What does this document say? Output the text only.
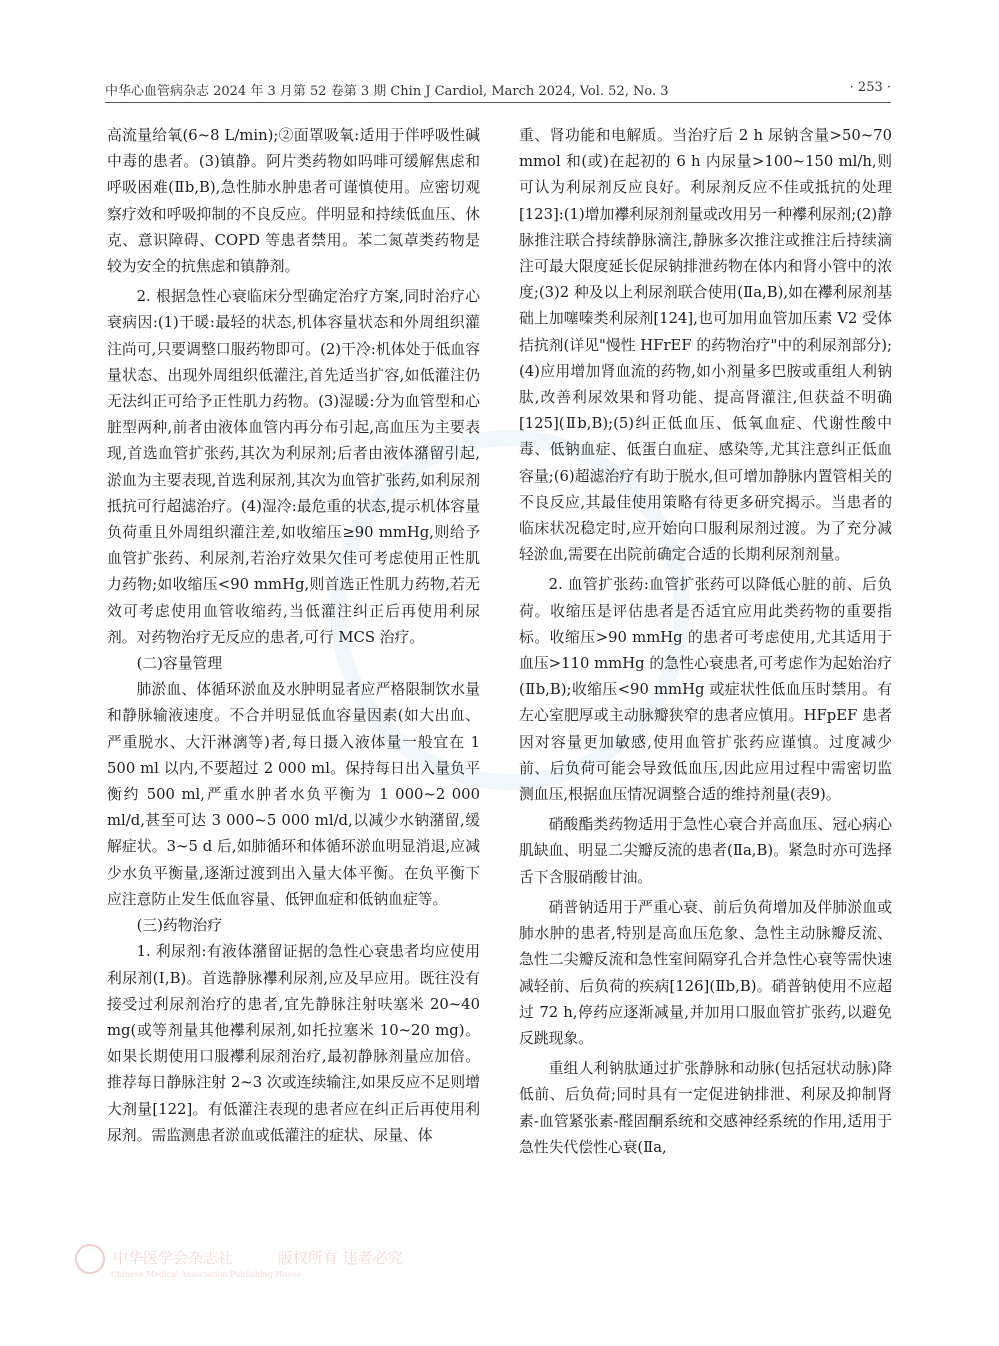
中华心血管病杂志 2024 年 3 月第 52 卷第 3 期 Chin J Cardiol, March 2024, Vol. 52, No. 3	· 253 ·

高流量给氧(6~8 L/min);②面罩吸氧:适用于伴呼吸性碱中毒的患者。(3)镇静。阿片类药物如吗啡可缓解焦虑和呼吸困难(Ⅱb,B),急性肺水肿患者可谨慎使用。应密切观察疗效和呼吸抑制的不良反应。伴明显和持续低血压、休克、意识障碍、COPD 等患者禁用。苯二氮䓬类药物是较为安全的抗焦虑和镇静剂。

2. 根据急性心衰临床分型确定治疗方案,同时治疗心衰病因:(1)干暖:最轻的状态,机体容量状态和外周组织灌注尚可,只要调整口服药物即可。(2)干冷:机体处于低血容量状态、出现外周组织低灌注,首先适当扩容,如低灌注仍无法纠正可给予正性肌力药物。(3)湿暖:分为血管型和心脏型两种,前者由液体血管内再分布引起,高血压为主要表现,首选血管扩张药,其次为利尿剂;后者由液体潴留引起,淤血为主要表现,首选利尿剂,其次为血管扩张药,如利尿剂抵抗可行超滤治疗。(4)湿冷:最危重的状态,提示机体容量负荷重且外周组织灌注差,如收缩压≥90 mmHg,则给予血管扩张药、利尿剂,若治疗效果欠佳可考虑使用正性肌力药物;如收缩压<90 mmHg,则首选正性肌力药物,若无效可考虑使用血管收缩药,当低灌注纠正后再使用利尿剂。对药物治疗无反应的患者,可行 MCS 治疗。

(二)容量管理

肺淤血、体循环淤血及水肿明显者应严格限制饮水量和静脉输液速度。不合并明显低血容量因素(如大出血、严重脱水、大汗淋漓等)者,每日摄入液体量一般宜在 1 500 ml 以内,不要超过 2 000 ml。保持每日出入量负平衡约 500 ml,严重水肿者水负平衡为 1 000~2 000 ml/d,甚至可达 3 000~5 000 ml/d,以减少水钠潴留,缓解症状。3~5 d 后,如肺循环和体循环淤血明显消退,应减少水负平衡量,逐渐过渡到出入量大体平衡。在负平衡下应注意防止发生低血容量、低钾血症和低钠血症等。

(三)药物治疗

1. 利尿剂:有液体潴留证据的急性心衰患者均应使用利尿剂(Ⅰ,B)。首选静脉襻利尿剂,应及早应用。既往没有接受过利尿剂治疗的患者,宜先静脉注射呋塞米 20~40 mg(或等剂量其他襻利尿剂,如托拉塞米 10~20 mg)。如果长期使用口服襻利尿剂治疗,最初静脉剂量应加倍。推荐每日静脉注射 2~3 次或连续输注,如果反应不足则增大剂量[122]。有低灌注表现的患者应在纠正后再使用利尿剂。需监测患者淤血或低灌注的症状、尿量、体

重、肾功能和电解质。当治疗后 2 h 尿钠含量>50~70 mmol 和(或)在起初的 6 h 内尿量>100~150 ml/h,则可认为利尿剂反应良好。利尿剂反应不佳或抵抗的处理[123]:(1)增加襻利尿剂剂量或改用另一种襻利尿剂;(2)静脉推注联合持续静脉滴注,静脉多次推注或推注后持续滴注可最大限度延长促尿钠排泄药物在体内和肾小管中的浓度;(3)2 种及以上利尿剂联合使用(Ⅱa,B),如在襻利尿剂基础上加噻嗪类利尿剂[124],也可加用血管加压素 V2 受体拮抗剂(详见"慢性 HFrEF 的药物治疗"中的利尿剂部分);(4)应用增加肾血流的药物,如小剂量多巴胺或重组人利钠肽,改善利尿效果和肾功能、提高肾灌注,但获益不明确[125](Ⅱb,B);(5)纠正低血压、低氧血症、代谢性酸中毒、低钠血症、低蛋白血症、感染等,尤其注意纠正低血容量;(6)超滤治疗有助于脱水,但可增加静脉内置管相关的不良反应,其最佳使用策略有待更多研究揭示。当患者的临床状况稳定时,应开始向口服利尿剂过渡。为了充分减轻淤血,需要在出院前确定合适的长期利尿剂剂量。

2. 血管扩张药:血管扩张药可以降低心脏的前、后负荷。收缩压是评估患者是否适宜应用此类药物的重要指标。收缩压>90 mmHg 的患者可考虑使用,尤其适用于血压>110 mmHg 的急性心衰患者,可考虑作为起始治疗(Ⅱb,B);收缩压<90 mmHg 或症状性低血压时禁用。有左心室肥厚或主动脉瓣狭窄的患者应慎用。HFpEF 患者因对容量更加敏感,使用血管扩张药应谨慎。过度减少前、后负荷可能会导致低血压,因此应用过程中需密切监测血压,根据血压情况调整合适的维持剂量(表9)。

硝酸酯类药物适用于急性心衰合并高血压、冠心病心肌缺血、明显二尖瓣反流的患者(Ⅱa,B)。紧急时亦可选择舌下含服硝酸甘油。

硝普钠适用于严重心衰、前后负荷增加及伴肺淤血或肺水肿的患者,特别是高血压危象、急性主动脉瓣反流、急性二尖瓣反流和急性室间隔穿孔合并急性心衰等需快速减轻前、后负荷的疾病[126](Ⅱb,B)。硝普钠使用不应超过 72 h,停药应逐渐减量,并加用口服血管扩张药,以避免反跳现象。

重组人利钠肽通过扩张静脉和动脉(包括冠状动脉)降低前、后负荷;同时具有一定促进钠排泄、利尿及抑制肾素-血管紧张素-醛固酮系统和交感神经系统的作用,适用于急性失代偿性心衰(Ⅱa,

中华医学会杂志社	版权所有 违者必究
Chinese Medical Association Publishing House
